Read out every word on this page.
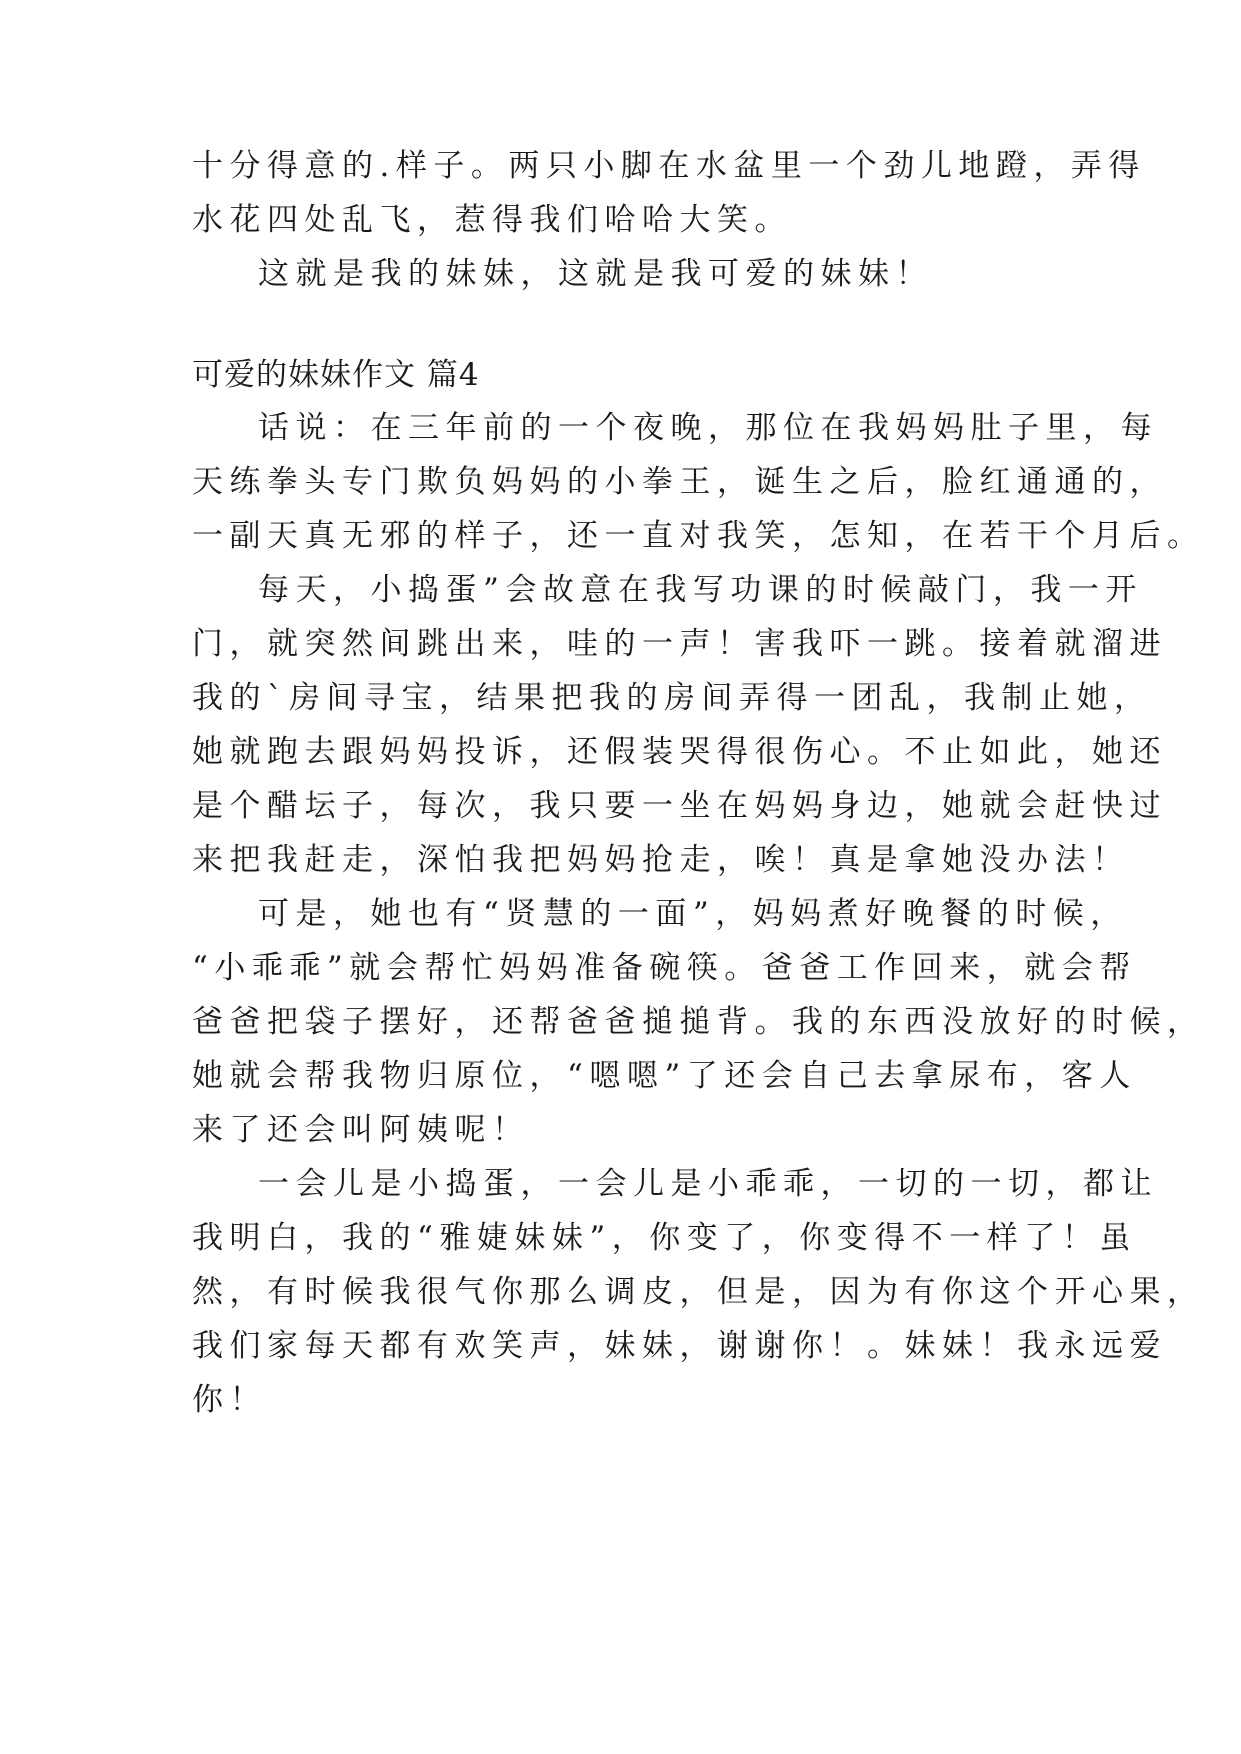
十分得意的.样子。两只小脚在水盆里一个劲儿地蹬，弄得
水花四处乱飞，惹得我们哈哈大笑。
这就是我的妹妹，这就是我可爱的妹妹！
可爱的妹妹作文 篇4
话说：在三年前的一个夜晚，那位在我妈妈肚子里，每
天练拳头专门欺负妈妈的小拳王，诞生之后，脸红通通的，
一副天真无邪的样子，还一直对我笑，怎知，在若干个月后。
每天，小捣蛋”会故意在我写功课的时候敲门，我一开
门，就突然间跳出来，哇的一声！害我吓一跳。接着就溜进
我的`房间寻宝，结果把我的房间弄得一团乱，我制止她，
她就跑去跟妈妈投诉，还假装哭得很伤心。不止如此，她还
是个醋坛子，每次，我只要一坐在妈妈身边，她就会赶快过
来把我赶走，深怕我把妈妈抢走，唉！真是拿她没办法！
可是，她也有“贤慧的一面”，妈妈煮好晚餐的时候，
“小乖乖”就会帮忙妈妈准备碗筷。爸爸工作回来，就会帮
爸爸把袋子摆好，还帮爸爸搥搥背。我的东西没放好的时候，
她就会帮我物归原位，“嗯嗯”了还会自己去拿尿布，客人
来了还会叫阿姨呢！
一会儿是小捣蛋，一会儿是小乖乖，一切的一切，都让
我明白，我的“雅婕妹妹”，你变了，你变得不一样了！虽
然，有时候我很气你那么调皮，但是，因为有你这个开心果，
我们家每天都有欢笑声，妹妹，谢谢你！。妹妹！我永远爱
你！
